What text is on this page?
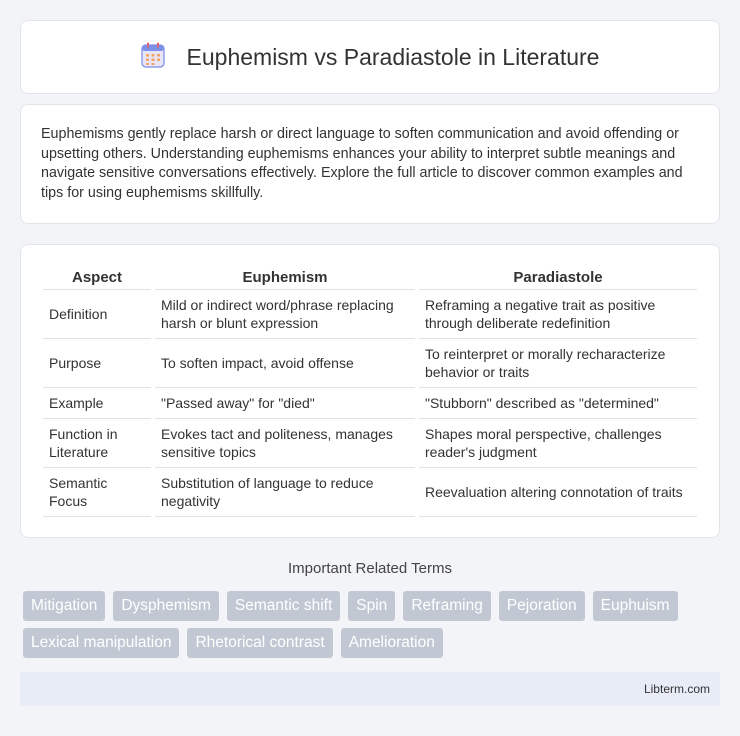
Euphemism vs Paradiastole in Literature

Euphemisms gently replace harsh or direct language to soften communication and avoid offending or upsetting others. Understanding euphemisms enhances your ability to interpret subtle meanings and navigate sensitive conversations effectively. Explore the full article to discover common examples and tips for using euphemisms skillfully.

Aspect	Euphemism	Paradiastole
Definition	Mild or indirect word/phrase replacing harsh or blunt expression	Reframing a negative trait as positive through deliberate redefinition
Purpose	To soften impact, avoid offense	To reinterpret or morally recharacterize behavior or traits
Example	"Passed away" for "died"	"Stubborn" described as "determined"
Function in Literature	Evokes tact and politeness, manages sensitive topics	Shapes moral perspective, challenges reader's judgment
Semantic Focus	Substitution of language to reduce negativity	Reevaluation altering connotation of traits
Important Related Terms
Mitigation	Dysphemism	Semantic shift	Spin	Reframing	Pejoration	Euphuism
Lexical manipulation	Rhetorical contrast	Amelioration
Libterm.com
